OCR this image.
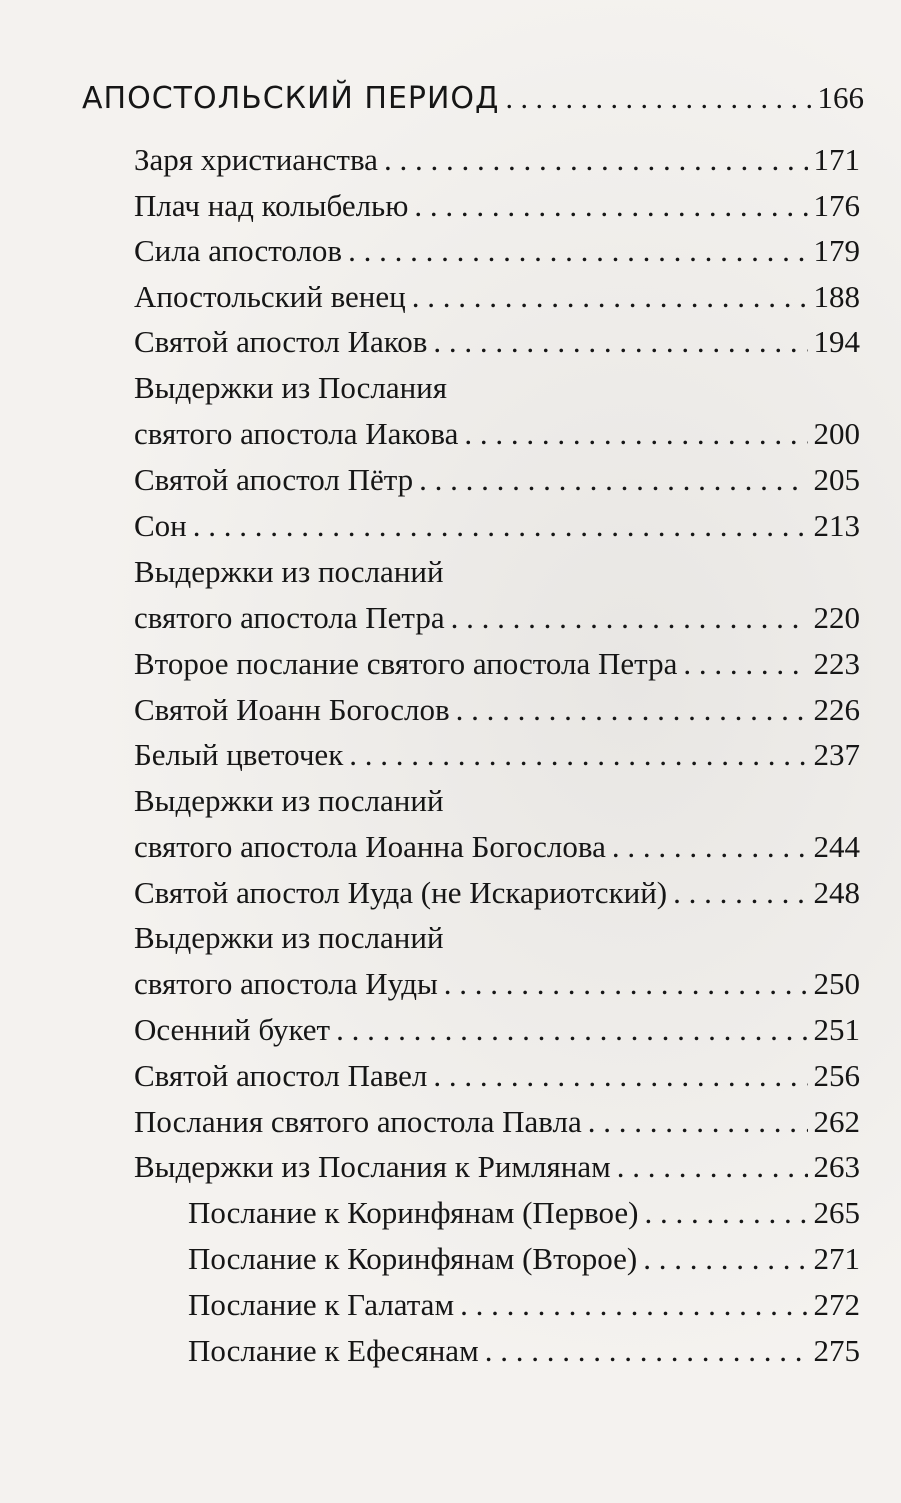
АПОСТОЛЬСКИЙ ПЕРИОД . . .	166
Заря христианства . . .	171
Плач над колыбелью . . .	176
Сила апостолов . . .	179
Апостольский венец . . .	188
Святой апостол Иаков . . .	194
Выдержки из Послания
святого апостола Иакова . . .	200
Святой апостол Пётр . . .	205
Сон . . .	213
Выдержки из посланий
святого апостола Петра . . .	220
Второе послание святого апостола Петра . . .	223
Святой Иоанн Богослов . . .	226
Белый цветочек . . .	237
Выдержки из посланий
святого апостола Иоанна Богослова . . .	244
Святой апостол Иуда (не Искариотский) . . .	248
Выдержки из посланий
святого апостола Иуды . . .	250
Осенний букет . . .	251
Святой апостол Павел . . .	256
Послания святого апостола Павла . . .	262
Выдержки из Послания к Римлянам . . .	263
Послание к Коринфянам (Первое) . . .	265
Послание к Коринфянам (Второе) . . .	271
Послание к Галатам . . .	272
Послание к Ефесянам . . .	275
